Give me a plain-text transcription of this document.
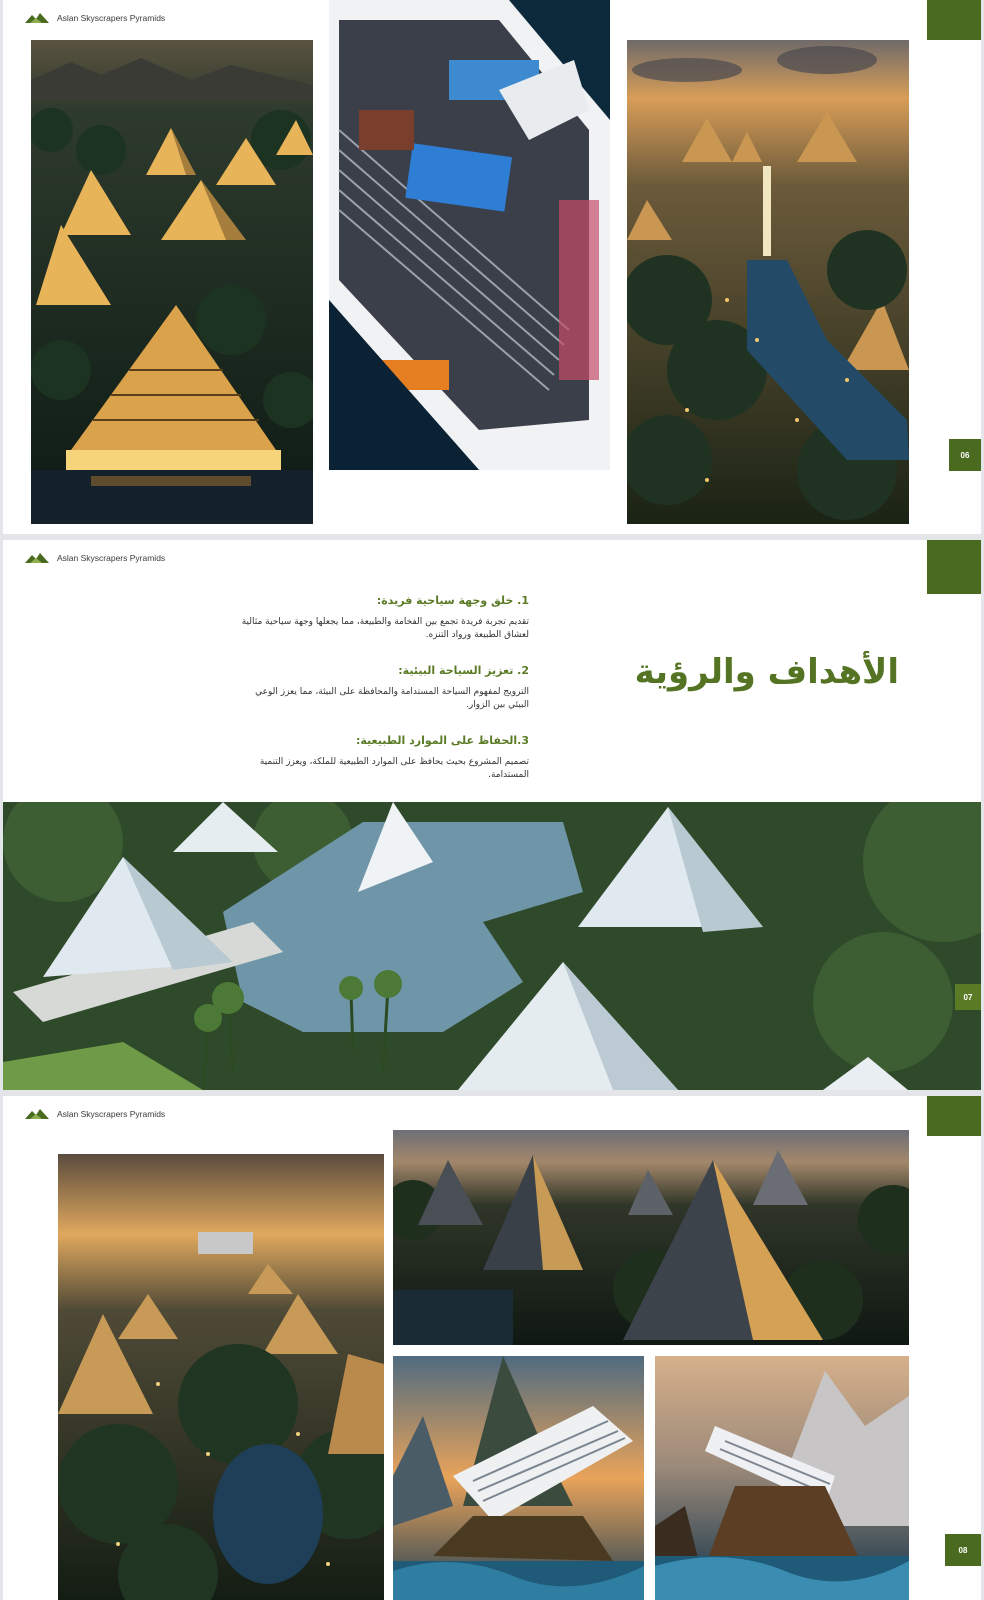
Aslan Skyscrapers Pyramids
06
Aslan Skyscrapers Pyramids
الأهداف والرؤية

1. خلق وجهة سياحية فريدة:

تقديم تجربة فريدة تجمع بين الفخامة والطبيعة، مما يجعلها وجهة سياحية مثالية لعشاق الطبيعة ورواد التنزه.

2. تعزيز السياحة البيئية:

الترويج لمفهوم السياحة المستدامة والمحافظة على البيئة، مما يعزز الوعي البيئي بين الزوار.

3.الحفاظ على الموارد الطبيعية:

تصميم المشروع بحيث يحافظ على الموارد الطبيعية للملكة، ويعزز التنمية المستدامة.

07
Aslan Skyscrapers Pyramids
08
